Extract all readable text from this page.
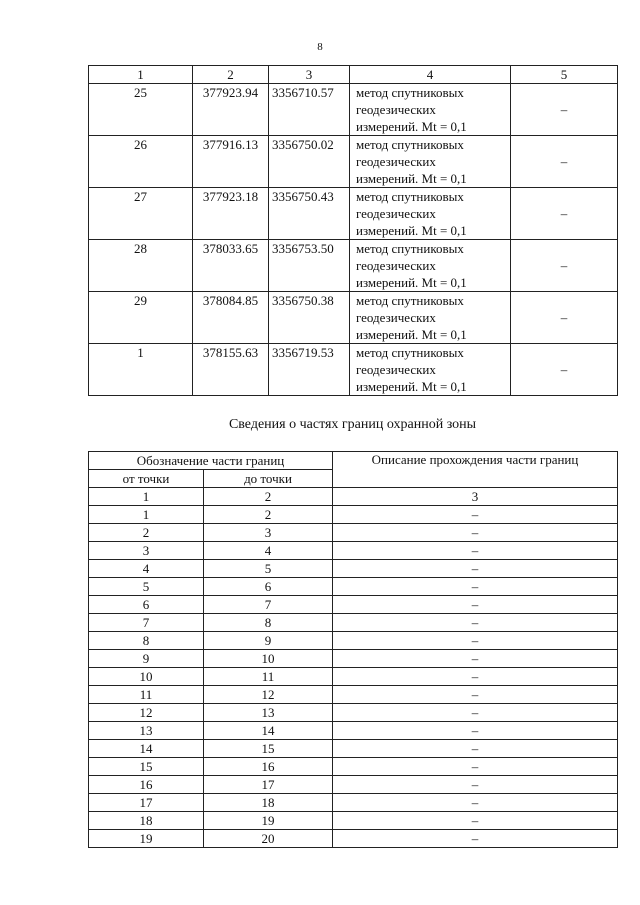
8
1	2	3	4	5
25	377923.94	3356710.57	метод спутниковых
геодезических
измерений. Mt = 0,1	–
26	377916.13	3356750.02	метод спутниковых
геодезических
измерений. Mt = 0,1	–
27	377923.18	3356750.43	метод спутниковых
геодезических
измерений. Mt = 0,1	–
28	378033.65	3356753.50	метод спутниковых
геодезических
измерений. Mt = 0,1	–
29	378084.85	3356750.38	метод спутниковых
геодезических
измерений. Mt = 0,1	–
1	378155.63	3356719.53	метод спутниковых
геодезических
измерений. Mt = 0,1	–
Сведения о частях границ охранной зоны
Обозначение части границ		Описание прохождения части границ
от точки	до точки	
1	2	3
1	2	–
2	3	–
3	4	–
4	5	–
5	6	–
6	7	–
7	8	–
8	9	–
9	10	–
10	11	–
11	12	–
12	13	–
13	14	–
14	15	–
15	16	–
16	17	–
17	18	–
18	19	–
19	20	–
